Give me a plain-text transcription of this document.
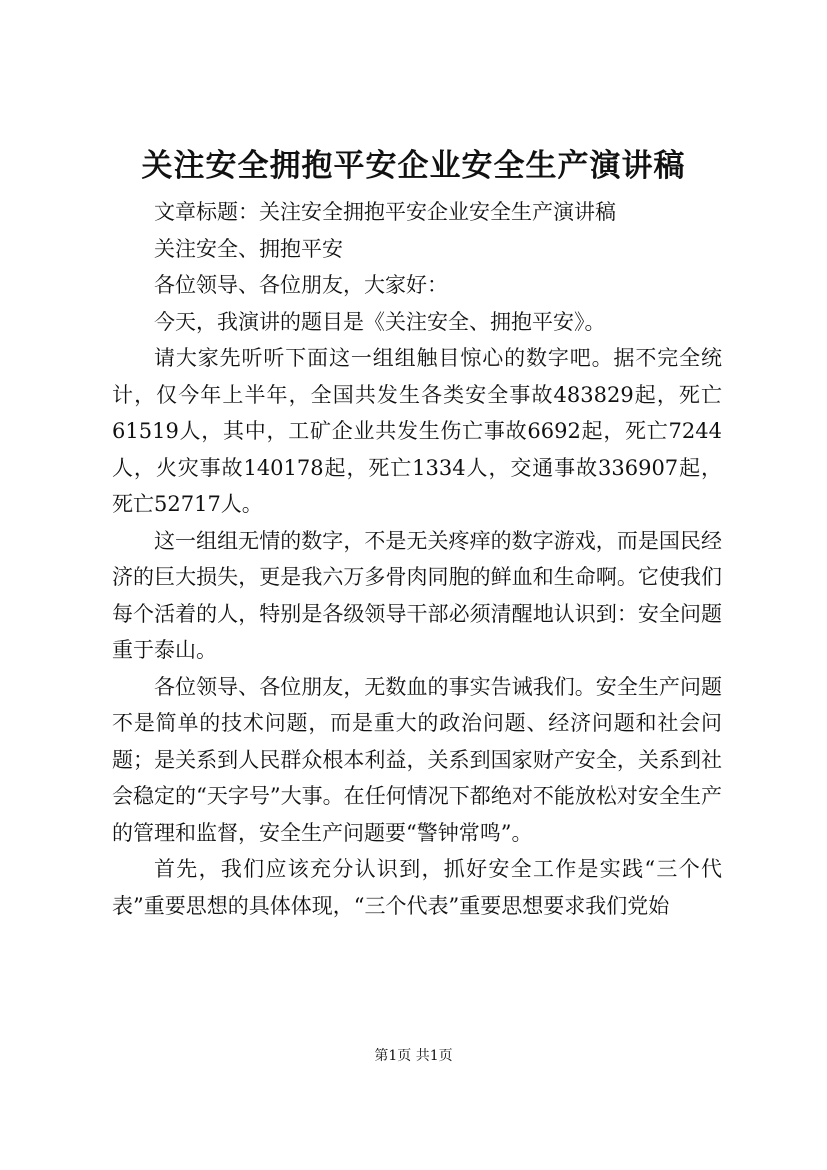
关注安全拥抱平安企业安全生产演讲稿

文章标题：关注安全拥抱平安企业安全生产演讲稿

关注安全、拥抱平安

各位领导、各位朋友，大家好：

今天，我演讲的题目是《关注安全、拥抱平安》。

请大家先听听下面这一组组触目惊心的数字吧。据不完全统计，仅今年上半年，全国共发生各类安全事故483829起，死亡61519人，其中，工矿企业共发生伤亡事故6692起，死亡7244人，火灾事故140178起，死亡1334人，交通事故336907起，死亡52717人。

这一组组无情的数字，不是无关疼痒的数字游戏，而是国民经济的巨大损失，更是我六万多骨肉同胞的鲜血和生命啊。它使我们每个活着的人，特别是各级领导干部必须清醒地认识到：安全问题重于泰山。

各位领导、各位朋友，无数血的事实告诫我们。安全生产问题不是简单的技术问题，而是重大的政治问题、经济问题和社会问题；是关系到人民群众根本利益，关系到国家财产安全，关系到社会稳定的“天字号”大事。在任何情况下都绝对不能放松对安全生产的管理和监督，安全生产问题要“警钟常鸣”。

首先，我们应该充分认识到，抓好安全工作是实践“三个代表”重要思想的具体体现，“三个代表”重要思想要求我们党始

第1页 共1页
